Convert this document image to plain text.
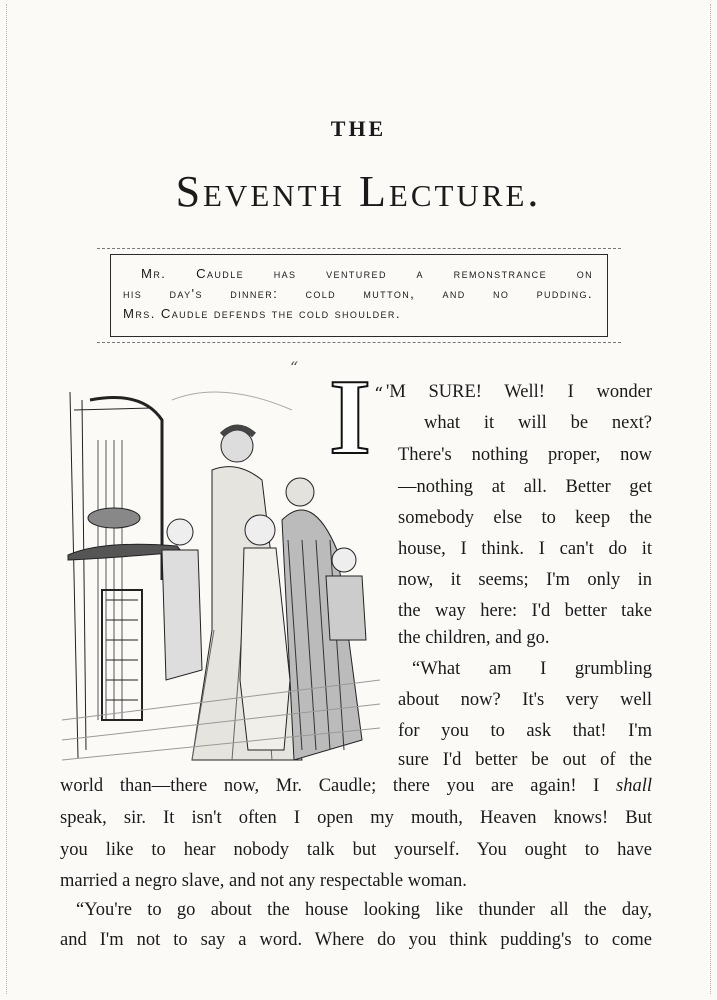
THE
Seventh Lecture.
Mr. Caudle has ventured a remonstrance on
his day's dinner: cold mutton, and no pudding.
Mrs. Caudle defends the cold shoulder.
“ I “ 'M SURE! Well! I wonder
what it will be next?
There's nothing proper, now
—nothing at all. Better get
somebody else to keep the
house, I think. I can't do it
now, it seems; I'm only in
the way here: I'd better take
the children, and go.
“What am I grumbling
about now? It's very well
for you to ask that! I'm
sure I'd better be out of the
world than—there now, Mr. Caudle; there you are again! I shall
speak, sir. It isn't often I open my mouth, Heaven knows! But
you like to hear nobody talk but yourself. You ought to have
married a negro slave, and not any respectable woman.
“You're to go about the house looking like thunder all the day,
and I'm not to say a word. Where do you think pudding's to come
